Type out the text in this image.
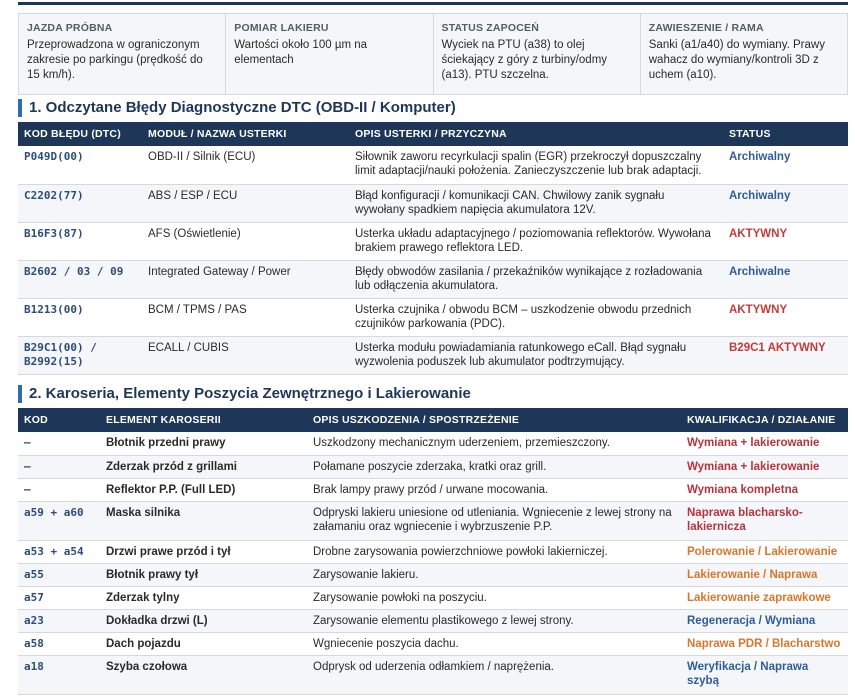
JAZDA PRÓBNA
Przeprowadzona w ograniczonym zakresie po parkingu (prędkość do 15 km/h).
POMIAR LAKIERU
Wartości około 100 µm na elementach
STATUS ZAPOCEŃ
Wyciek na PTU (a38) to olej ściekający z góry z turbiny/odmy (a13). PTU szczelna.
ZAWIESZENIE / RAMA
Sanki (a1/a40) do wymiany. Prawy wahacz do wymiany/kontroli 3D z uchem (a10).
1. Odczytane Błędy Diagnostyczne DTC (OBD-II / Komputer)
KOD BŁĘDU (DTC)	MODUŁ / NAZWA USTERKI	OPIS USTERKI / PRZYCZYNA	STATUS
P049D(00)	OBD-II / Silnik (ECU)	Siłownik zaworu recyrkulacji spalin (EGR) przekroczył dopuszczalny limit adaptacji/nauki położenia. Zanieczyszczenie lub brak adaptacji.	Archiwalny
C2202(77)	ABS / ESP / ECU	Błąd konfiguracji / komunikacji CAN. Chwilowy zanik sygnału wywołany spadkiem napięcia akumulatora 12V.	Archiwalny
B16F3(87)	AFS (Oświetlenie)	Usterka układu adaptacyjnego / poziomowania reflektorów. Wywołana brakiem prawego reflektora LED.	AKTYWNY
B2602 / 03 / 09	Integrated Gateway / Power	Błędy obwodów zasilania / przekaźników wynikające z rozładowania lub odłączenia akumulatora.	Archiwalne
B1213(00)	BCM / TPMS / PAS	Usterka czujnika / obwodu BCM – uszkodzenie obwodu przednich czujników parkowania (PDC).	AKTYWNY
B29C1(00) / B2992(15)	ECALL / CUBIS	Usterka modułu powiadamiania ratunkowego eCall. Błąd sygnału wyzwolenia poduszek lub akumulator podtrzymujący.	B29C1 AKTYWNY
2. Karoseria, Elementy Poszycia Zewnętrznego i Lakierowanie
KOD	ELEMENT KAROSERII	OPIS USZKODZENIA / SPOSTRZEŻENIE	KWALIFIKACJA / DZIAŁANIE
–	Błotnik przedni prawy	Uszkodzony mechanicznym uderzeniem, przemieszczony.	Wymiana + lakierowanie
–	Zderzak przód z grillami	Połamane poszycie zderzaka, kratki oraz grill.	Wymiana + lakierowanie
–	Reflektor P.P. (Full LED)	Brak lampy prawy przód / urwane mocowania.	Wymiana kompletna
a59 + a60	Maska silnika	Odpryski lakieru uniesione od utleniania. Wgniecenie z lewej strony na załamaniu oraz wgniecenie i wybrzuszenie P.P.	Naprawa blacharsko-lakiernicza
a53 + a54	Drzwi prawe przód i tył	Drobne zarysowania powierzchniowe powłoki lakierniczej.	Polerowanie / Lakierowanie
a55	Błotnik prawy tył	Zarysowanie lakieru.	Lakierowanie / Naprawa
a57	Zderzak tylny	Zarysowanie powłoki na poszyciu.	Lakierowanie zaprawkowe
a23	Dokładka drzwi (L)	Zarysowanie elementu plastikowego z lewej strony.	Regeneracja / Wymiana
a58	Dach pojazdu	Wgniecenie poszycia dachu.	Naprawa PDR / Blacharstwo
a18	Szyba czołowa	Odprysk od uderzenia odłamkiem / naprężenia.	Weryfikacja / Naprawa szybą
